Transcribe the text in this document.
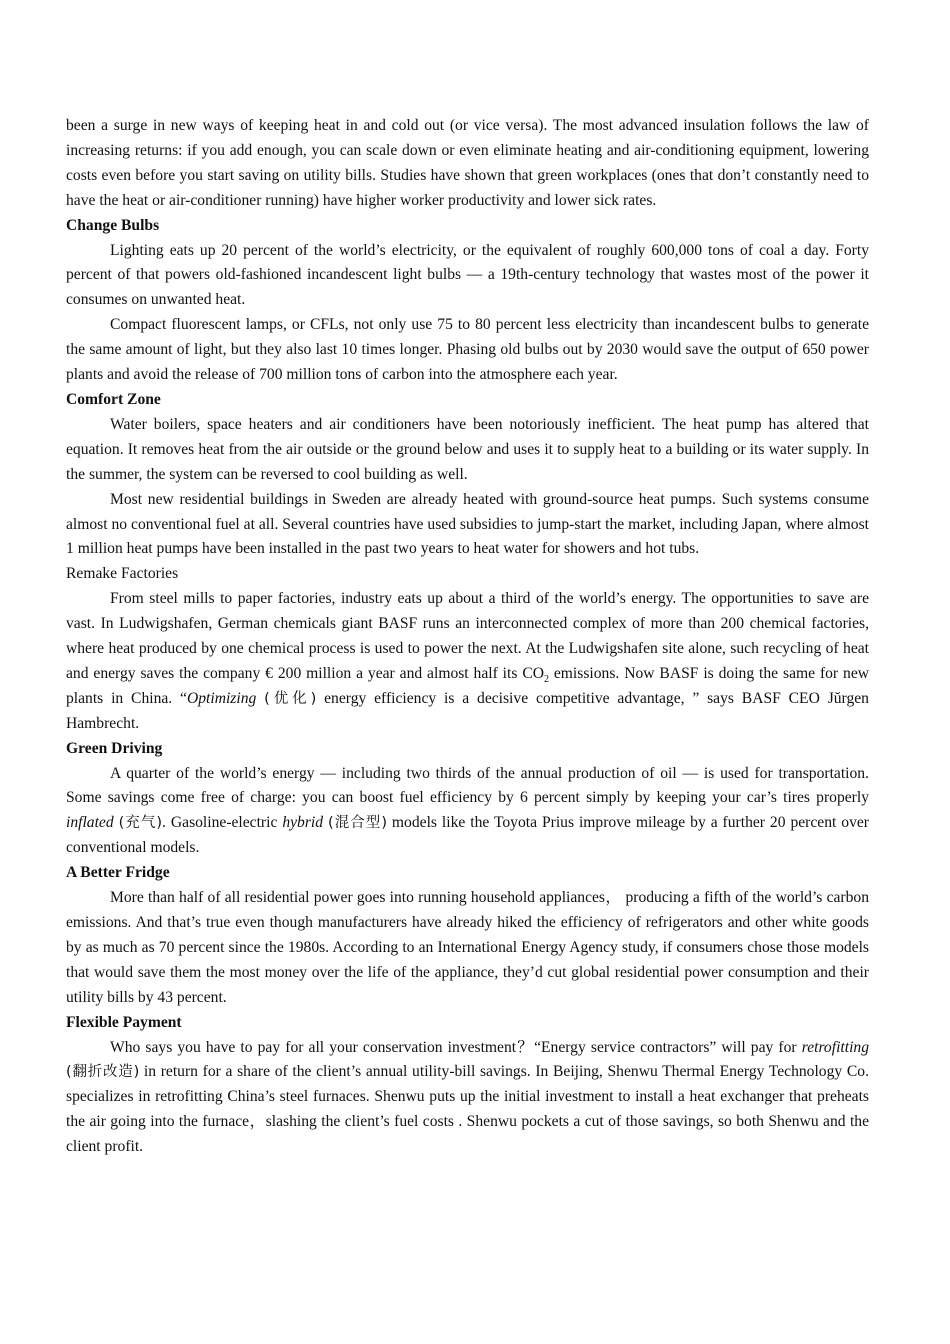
been a surge in new ways of keeping heat in and cold out (or vice versa). The most advanced insulation follows the law of increasing returns: if you add enough, you can scale down or even eliminate heating and air-conditioning equipment, lowering costs even before you start saving on utility bills. Studies have shown that green workplaces (ones that don’t constantly need to have the heat or air-conditioner running) have higher worker productivity and lower sick rates.

Change Bulbs

Lighting eats up 20 percent of the world’s electricity, or the equivalent of roughly 600,000 tons of coal a day. Forty percent of that powers old-fashioned incandescent light bulbs — a 19th-century technology that wastes most of the power it consumes on unwanted heat.

Compact fluorescent lamps, or CFLs, not only use 75 to 80 percent less electricity than incandescent bulbs to generate the same amount of light, but they also last 10 times longer. Phasing old bulbs out by 2030 would save the output of 650 power plants and avoid the release of 700 million tons of carbon into the atmosphere each year.

Comfort Zone

Water boilers, space heaters and air conditioners have been notoriously inefficient. The heat pump has altered that equation. It removes heat from the air outside or the ground below and uses it to supply heat to a building or its water supply. In the summer, the system can be reversed to cool building as well.

Most new residential buildings in Sweden are already heated with ground-source heat pumps. Such systems consume almost no conventional fuel at all. Several countries have used subsidies to jump-start the market, including Japan, where almost 1 million heat pumps have been installed in the past two years to heat water for showers and hot tubs.

Remake Factories

From steel mills to paper factories, industry eats up about a third of the world’s energy. The opportunities to save are vast. In Ludwigshafen, German chemicals giant BASF runs an interconnected complex of more than 200 chemical factories, where heat produced by one chemical process is used to power the next. At the Ludwigshafen site alone, such recycling of heat and energy saves the company € 200 million a year and almost half its $CO_2$ emissions. Now BASF is doing the same for new plants in China. “Optimizing (优化) energy efficiency is a decisive competitive advantage, ” says BASF CEO Jŭrgen Hambrecht.

Green Driving

A quarter of the world’s energy — including two thirds of the annual production of oil — is used for transportation. Some savings come free of charge: you can boost fuel efficiency by 6 percent simply by keeping your car’s tires properly inflated (充气). Gasoline-electric hybrid (混合型) models like the Toyota Prius improve mileage by a further 20 percent over conventional models.

A Better Fridge

More than half of all residential power goes into running household appliances， producing a fifth of the world’s carbon emissions. And that’s true even though manufacturers have already hiked the efficiency of refrigerators and other white goods by as much as 70 percent since the 1980s. According to an International Energy Agency study, if consumers chose those models that would save them the most money over the life of the appliance, they’d cut global residential power consumption and their utility bills by 43 percent.

Flexible Payment

Who says you have to pay for all your conservation investment？“Energy service contractors” will pay for retrofitting (翻折改造) in return for a share of the client’s annual utility-bill savings. In Beijing, Shenwu Thermal Energy Technology Co. specializes in retrofitting China’s steel furnaces. Shenwu puts up the initial investment to install a heat exchanger that preheats the air going into the furnace，slashing the client’s fuel costs . Shenwu pockets a cut of those savings, so both Shenwu and the client profit.
